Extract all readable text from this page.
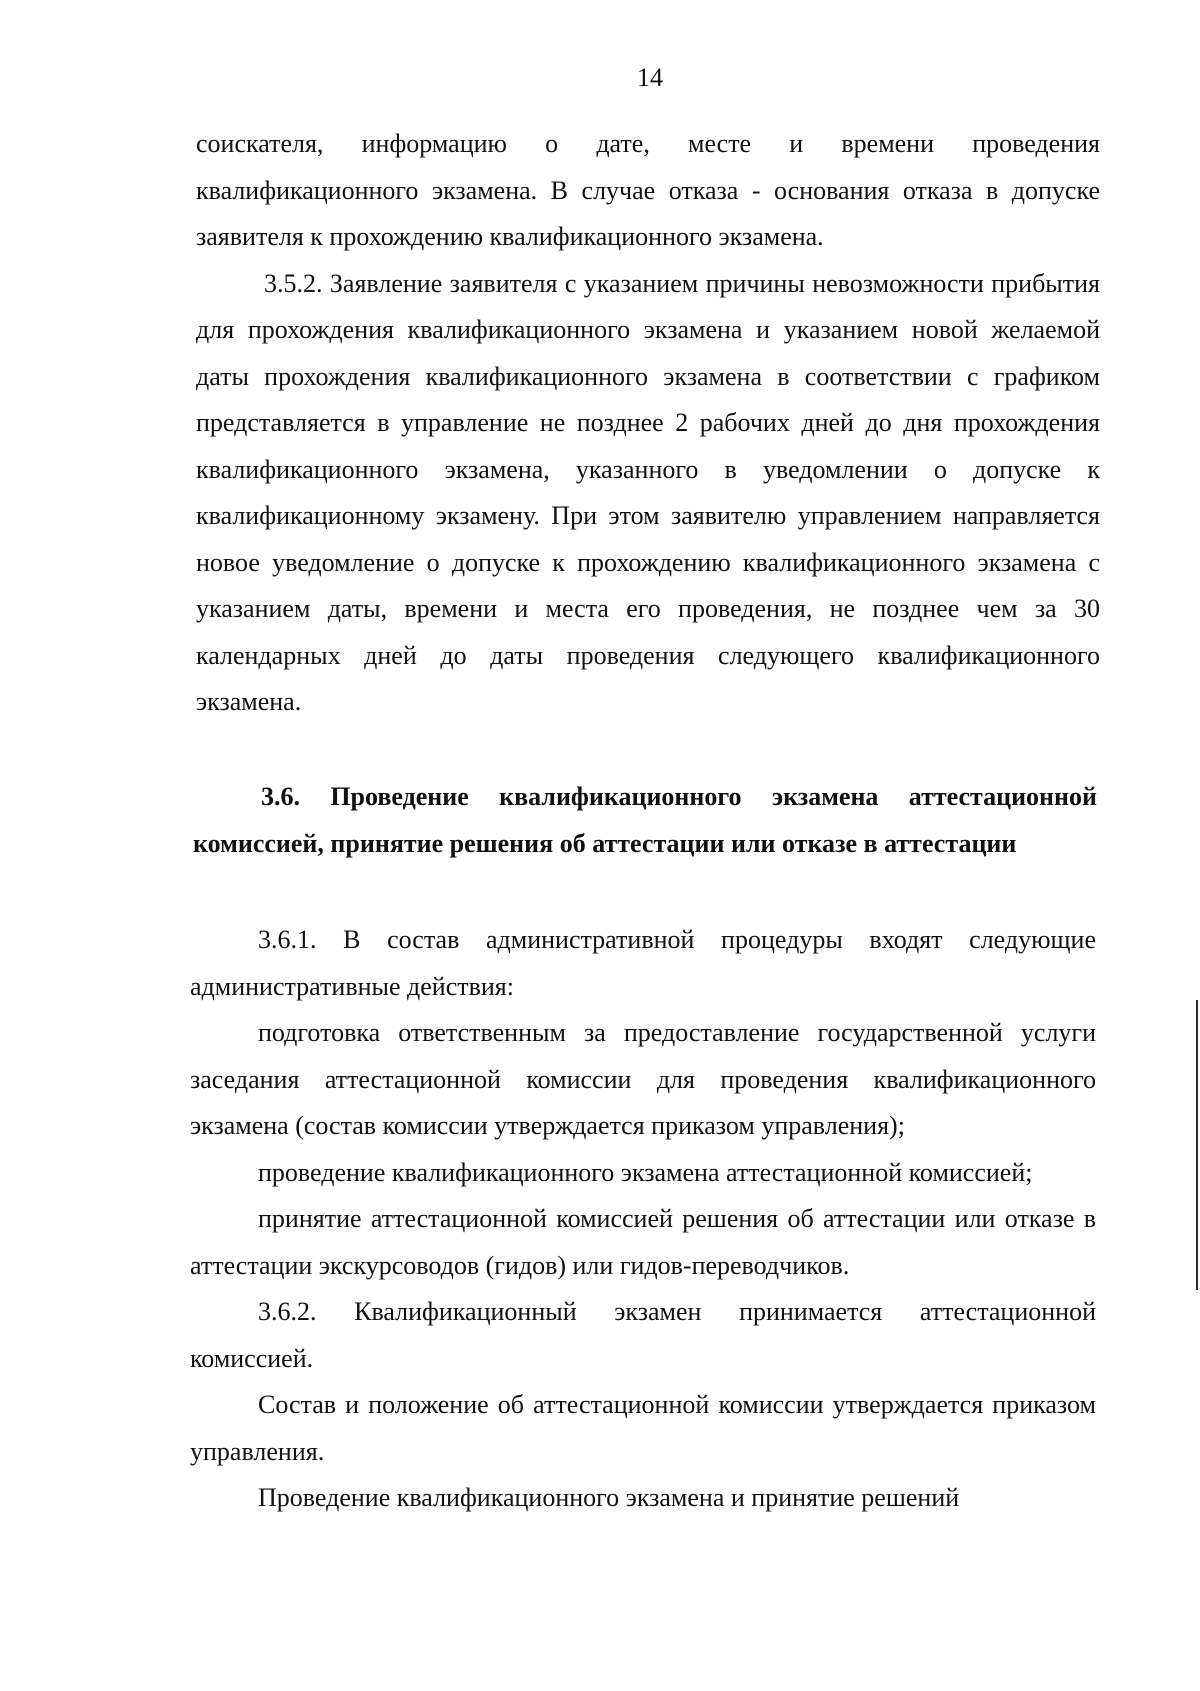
14

соискателя, информацию о дате, месте и времени проведения квалификационного экзамена. В случае отказа - основания отказа в допуске заявителя к прохождению квалификационного экзамена.

3.5.2. Заявление заявителя с указанием причины невозможности прибытия для прохождения квалификационного экзамена и указанием новой желаемой даты прохождения квалификационного экзамена в соответствии с графиком представляется в управление не позднее 2 рабочих дней до дня прохождения квалификационного экзамена, указанного в уведомлении о допуске к квалификационному экзамену. При этом заявителю управлением направляется новое уведомление о допуске к прохождению квалификационного экзамена с указанием даты, времени и места его проведения, не позднее чем за 30 календарных дней до даты проведения следующего квалификационного экзамена.

3.6. Проведение квалификационного экзамена аттестационной комиссией, принятие решения об аттестации или отказе в аттестации

3.6.1. В состав административной процедуры входят следующие административные действия:

подготовка ответственным за предоставление государственной услуги заседания аттестационной комиссии для проведения квалификационного экзамена (состав комиссии утверждается приказом управления);

проведение квалификационного экзамена аттестационной комиссией;

принятие аттестационной комиссией решения об аттестации или отказе в аттестации экскурсоводов (гидов) или гидов-переводчиков.

3.6.2. Квалификационный экзамен принимается аттестационной комиссией.

Состав и положение об аттестационной комиссии утверждается приказом управления.

Проведение квалификационного экзамена и принятие решений
